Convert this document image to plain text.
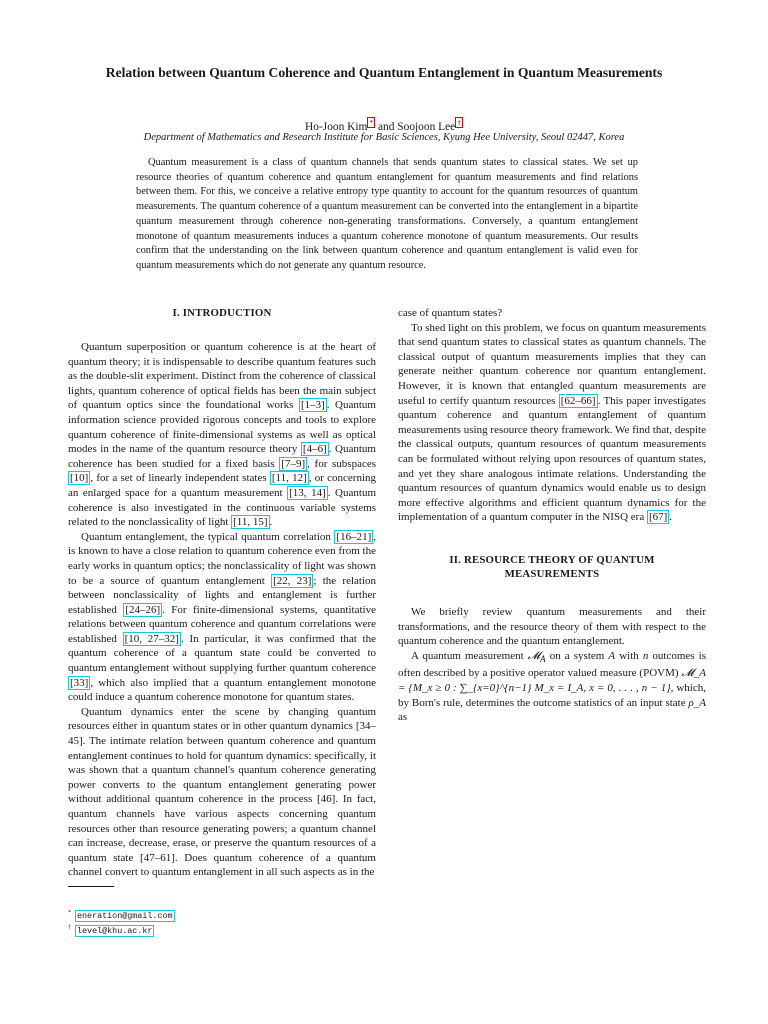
Relation between Quantum Coherence and Quantum Entanglement in Quantum Measurements
Ho-Joon Kim * and Soojoon Lee †
Department of Mathematics and Research Institute for Basic Sciences, Kyung Hee University, Seoul 02447, Korea

Quantum measurement is a class of quantum channels that sends quantum states to classical states. We set up resource theories of quantum coherence and quantum entanglement for quantum measurements and find relations between them. For this, we conceive a relative entropy type quantity to account for the quantum resources of quantum measurements. The quantum coherence of a quantum measurement can be converted into the entanglement in a bipartite quantum measurement through coherence non-generating transformations. Conversely, a quantum entanglement monotone of quantum measurements induces a quantum coherence monotone of quantum measurements. Our results confirm that the understanding on the link between quantum coherence and quantum entanglement is valid even for quantum measurements which do not generate any quantum resource.

I. INTRODUCTION

Quantum superposition or quantum coherence is at the heart of quantum theory; it is indispensable to describe quantum features such as the double-slit experiment. Distinct from the coherence of classical lights, quantum coherence of optical fields has been the main subject of quantum optics since the foundational works [1–3] . Quantum information science provided rigorous concepts and tools to explore quantum coherence of finite-dimensional systems as well as optical modes in the name of the quantum resource theory [4–6] . Quantum coherence has been studied for a fixed basis [7–9] , for subspaces [10] , for a set of linearly independent states [11, 12] , or concerning an enlarged space for a quantum measurement [13, 14] . Quantum coherence is also investigated in the continuous variable systems related to the nonclassicality of light [11, 15] .

Quantum entanglement, the typical quantum correlation [16–21] , is known to have a close relation to quantum coherence even from the early works in quantum optics; the nonclassicality of light was shown to be a source of quantum entanglement [22, 23] ; the relation between nonclassicality of lights and entanglement is further established [24–26] . For finite-dimensional systems, quantitative relations between quantum coherence and quantum correlations were established [10, 27–32] . In particular, it was confirmed that the quantum coherence of a quantum state could be converted to quantum entanglement without supplying further quantum coherence [33] , which also implied that a quantum entanglement monotone could induce a quantum coherence monotone for quantum states.

Quantum dynamics enter the scene by changing quantum resources either in quantum states or in other quantum dynamics [34–45]. The intimate relation between quantum coherence and quantum entanglement continues to hold for quantum dynamics: specifically, it was shown that a quantum channel's quantum coherence generating power converts to the quantum entanglement generating power without additional quantum coherence in the process [46]. In fact, quantum channels have various aspects concerning quantum resources other than resource generating powers; a quantum channel can increase, decrease, erase, or preserve the quantum resources of a quantum state [47–61]. Does quantum coherence of a quantum channel convert to quantum entanglement in all such aspects as in the

case of quantum states?

To shed light on this problem, we focus on quantum measurements that send quantum states to classical states as quantum channels. The classical output of quantum measurements implies that they can generate neither quantum coherence nor quantum entanglement. However, it is known that entangled quantum measurements are useful to certify quantum resources [62–66] . This paper investigates quantum coherence and quantum entanglement of quantum measurements using resource theory framework. We find that, despite the classical outputs, quantum resources of quantum measurements can be formulated without relying upon resources of quantum states, and yet they share analogous intimate relations. Understanding the quantum resources of quantum dynamics would enable us to design more effective algorithms and efficient quantum dynamics for the implementation of a quantum computer in the NISQ era [67] .

II. RESOURCE THEORY OF QUANTUM
MEASUREMENTS

We briefly review quantum measurements and their transformations, and the resource theory of them with respect to the quantum coherence and the quantum entanglement.

A quantum measurement 𝓜$_A$ on a system A with n outcomes is often described by a positive operator valued measure (POVM) 𝓜_A = {M_x ≥ 0 : ∑_{x=0}^{n−1} M_x = I_A, x = 0, . . . , n − 1}, which, by Born's rule, determines the outcome statistics of an input state ρ_A as

* eneration@gmail.com
† level@khu.ac.kr
